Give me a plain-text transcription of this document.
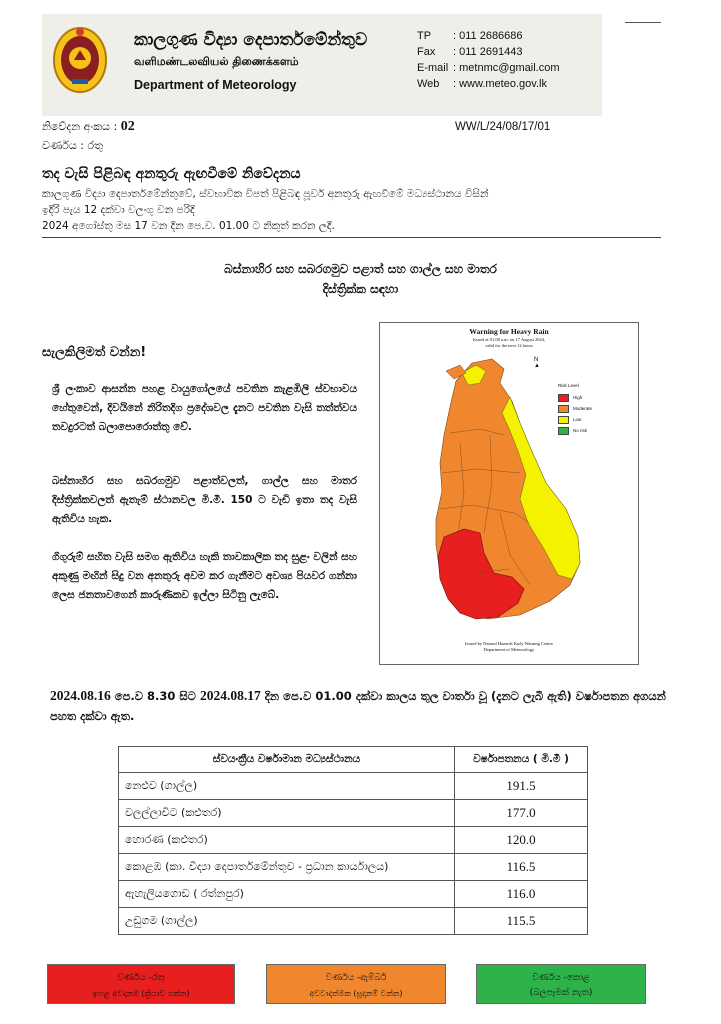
කාලගුණ විද්‍යා දෙපාර්තමේන්තුව
வளிமண்டலவியல் திணைக்களம்
Department of Meteorology
TP : 011 2686686
Fax : 011 2691443
E-mail : metnmc@gmail.com
Web : www.meteo.gov.lk
නිවේදන අංකය : 02
වර්ණය : රතු
WW/L/24/08/17/01
තද වැසි පිළිබඳ අනතුරු ඇඟවීමේ නිවේදනය
කාලගුණ විද්‍යා දෙපාර්තමේන්තුවේ, ස්වභාවික විපත් පිළිබඳ පූර්ව අනතුරු ඇඟවීමේ මධ්‍යස්ථානය විසින්
ඉදිරි පැය 12 දක්වා වලංගු වන පරිදි
2024 අගෝස්තු මස 17 වන දින පෙ.ව. 01.00 ට නිකුත් කරන ලදී.
බස්නාහිර සහ සබරගමුව පළාත් සහ ගාල්ල සහ මාතර
දිස්ත්‍රික්ක සඳහා
සැලකිලිමත් වන්න!
ශ්‍රී ලංකාව ආසන්න පහළ වායුගෝලයේ පවතින කැළඹිලි ස්වභාවය හේතුවෙන්, දිවයිනේ නිරිතදිග ප්‍රදේශවල දැනට පවතින වැසි තත්ත්වය තවදුරටත් බලාපොරොත්තු වේ.
බස්නාහිර සහ සබරගමුව පළාත්වලත්, ගාල්ල සහ මාතර දිස්ත්‍රික්කවලත් ඇතැම් ස්ථානවල මි.මී. 150 ට වැඩි ඉතා තද වැසි ඇතිවිය හැක.
ගිගුරුම් සහිත වැසි සමග ඇතිවිය හැකි තාවකාලික තද සුළං වලින් සහ අකුණු මඟින් සිදු වන අනතුරු අවම කර ගැනීමට අවශ්‍ය පියවර ගන්නා ලෙස ජනතාවගෙන් කාරුණිකව ඉල්ලා සිටිනු ලැබේ.
Warning for Heavy Rain
Issued at 01.00 a.m. on 17 August 2024,
valid for the next 12 hours
N
▲
Risk Level
High
Moderate
Low
No risk
Issued by Natural Hazards Early Warning Centre
Department of Meteorology
2024.08.16 පෙ.ව 8.30 සිට 2024.08.17 දින පෙ.ව 01.00 දක්වා කාලය තුල වාර්තා වූ (දැනට ලැබී ඇති) වර්ෂාපතන අගයන් පහත දක්වා ඇත.
ස්වයංක්‍රීය වර්ෂාමාන මධ්‍යස්ථානය	වර්ෂාපතනය ( මි.මී )
නෙළුව (ගාල්ල)	191.5
වලල්ලාවිට (කළුතර)	177.0
හොරණ (කළුතර)	120.0
කොළඹ (කා. විද්‍යා දෙපාර්තමේන්තුව - ප්‍රධාන කාර්යාලය)	116.5
ඇහැලියගොඩ ( රත්නපුර)	116.0
උඩුගම (ගාල්ල)	115.5
වර්ණය -රතු
ඉහළ අවදානම (ක්‍රියාව ගන්න)
වර්ණය -ඇම්බර්
අවවාදාත්මක (සූදානම් වන්න)
වර්ණය -කොළ
(බලපෑමක් නැත)
